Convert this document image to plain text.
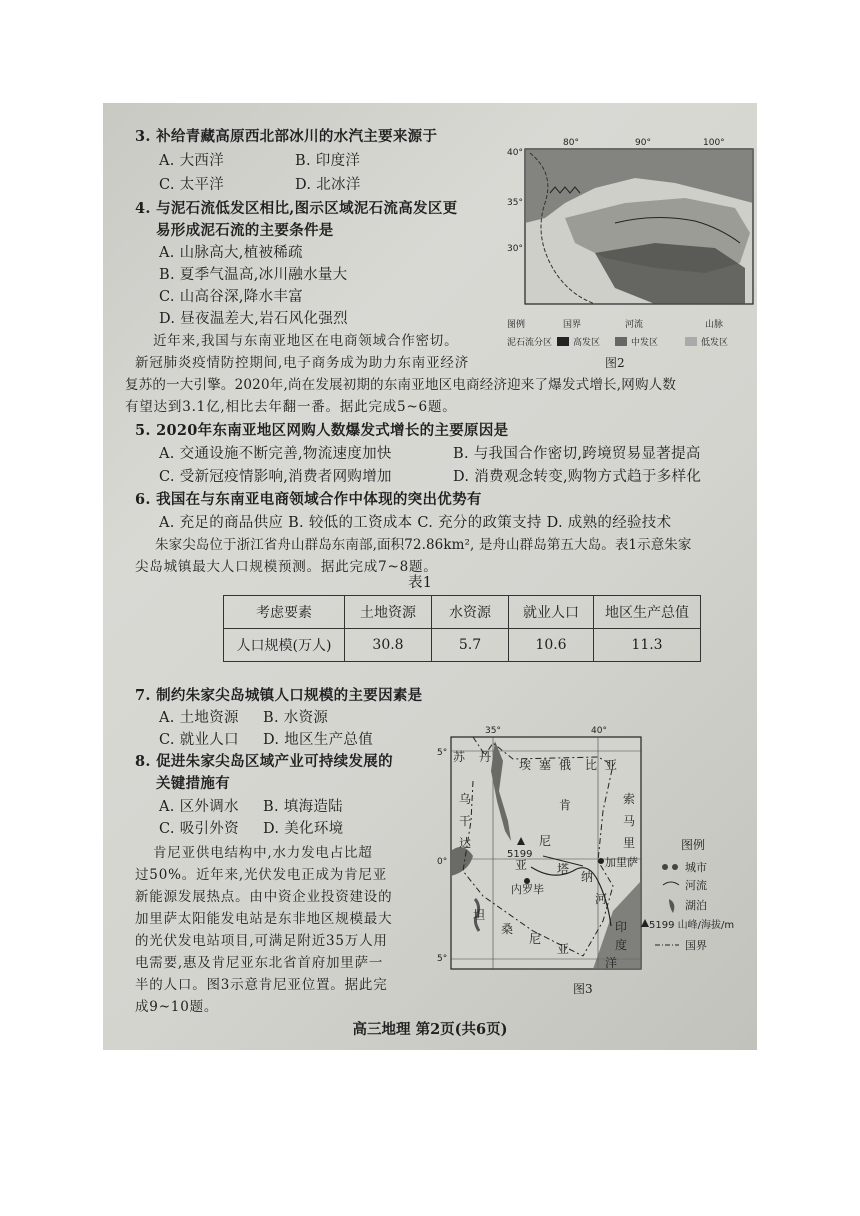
3. 补给青藏高原西北部冰川的水汽主要来源于
A. 大西洋	B. 印度洋
C. 太平洋	D. 北冰洋
4. 与泥石流低发区相比,图示区域泥石流高发区更
易形成泥石流的主要条件是
A. 山脉高大,植被稀疏
B. 夏季气温高,冰川融水量大
C. 山高谷深,降水丰富
D. 昼夜温差大,岩石风化强烈
80°	90°	100°
40°
35°
30°
图例	国界	河流	山脉
泥石流分区 高发区	中发区	低发区
图2
近年来,我国与东南亚地区在电商领域合作密切。
新冠肺炎疫情防控期间,电子商务成为助力东南亚经济
复苏的一大引擎。2020年,尚在发展初期的东南亚地区电商经济迎来了爆发式增长,网购人数
有望达到3.1亿,相比去年翻一番。据此完成5~6题。
5. 2020年东南亚地区网购人数爆发式增长的主要原因是
A. 交通设施不断完善,物流速度加快	B. 与我国合作密切,跨境贸易显著提高
C. 受新冠疫情影响,消费者网购增加	D. 消费观念转变,购物方式趋于多样化
6. 我国在与东南亚电商领域合作中体现的突出优势有
A. 充足的商品供应 B. 较低的工资成本 C. 充分的政策支持 D. 成熟的经验技术
朱家尖岛位于浙江省舟山群岛东南部,面积72.86km², 是舟山群岛第五大岛。表1示意朱家
尖岛城镇最大人口规模预测。据此完成7~8题。
表1
考虑要素	土地资源	水资源	就业人口	地区生产总值
人口规模(万人)	30.8	5.7	10.6	11.3
7. 制约朱家尖岛城镇人口规模的主要因素是
A. 土地资源 B. 水资源
C. 就业人口 D. 地区生产总值
8. 促进朱家尖岛区域产业可持续发展的
关键措施有
A. 区外调水 B. 填海造陆
C. 吸引外资 D. 美化环境
肯尼亚供电结构中,水力发电占比超
过50%。近年来,光伏发电正成为肯尼亚
新能源发展热点。由中资企业投资建设的
加里萨太阳能发电站是东非地区规模最大
的光伏发电站项目,可满足附近35万人用
电需要,惠及肯尼亚东北省首府加里萨一
半的人口。图3示意肯尼亚位置。据此完
成9~10题。
35°	40°
5°
0°
5°
苏 丹
埃 塞 俄 比 亚
乌
干
达
索
马
里
坦
桑
尼
亚
肯
尼
亚 塔
纳
河
印
度
洋
内罗毕
加里萨
5199
图例
城市
河流
湖泊
5199 山峰/海拔/m
国界
图3
高三地理 第2页(共6页)
